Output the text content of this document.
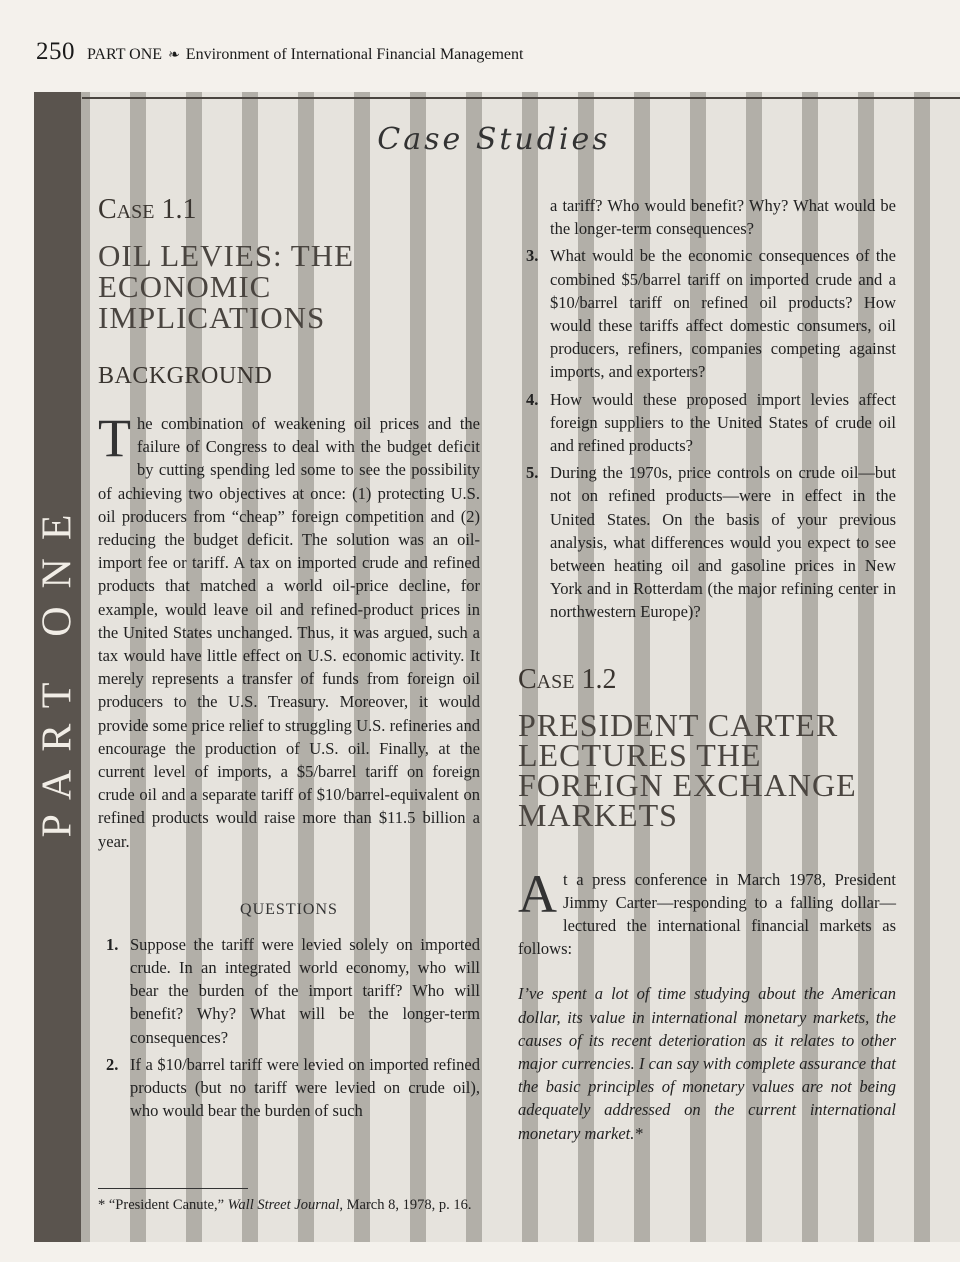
250 PART ONE ❧ Environment of International Financial Management
PART ONE
Case Studies
Case 1.1
OIL LEVIES: THE
ECONOMIC
IMPLICATIONS
BACKGROUND

The combination of weakening oil prices and the failure of Congress to deal with the budget deficit by cutting spending led some to see the possibility of achieving two objectives at once: (1) protecting U.S. oil producers from “cheap” foreign competition and (2) reducing the budget deficit. The solution was an oil-import fee or tariff. A tax on imported crude and refined products that matched a world oil-price decline, for example, would leave oil and refined-product prices in the United States unchanged. Thus, it was argued, such a tax would have little effect on U.S. economic activity. It merely represents a transfer of funds from foreign oil producers to the U.S. Treasury. Moreover, it would provide some price relief to struggling U.S. refineries and encourage the production of U.S. oil. Finally, at the current level of imports, a $5/barrel tariff on foreign crude oil and a separate tariff of $10/barrel-equivalent on refined products would raise more than $11.5 billion a year.

QUESTIONS
1. Suppose the tariff were levied solely on imported crude. In an integrated world economy, who will bear the burden of the import tariff? Who will benefit? Why? What will be the longer-term consequences?
2. If a $10/barrel tariff were levied on imported refined products (but no tariff were levied on crude oil), who would bear the burden of such
a tariff? Who would benefit? Why? What would be the longer-term consequences?
3. What would be the economic consequences of the combined $5/barrel tariff on imported crude and a $10/barrel tariff on refined oil products? How would these tariffs affect domestic consumers, oil producers, refiners, companies competing against imports, and exporters?
4. How would these proposed import levies affect foreign suppliers to the United States of crude oil and refined products?
5. During the 1970s, price controls on crude oil—but not on refined products—were in effect in the United States. On the basis of your previous analysis, what differences would you expect to see between heating oil and gasoline prices in New York and in Rotterdam (the major refining center in northwestern Europe)?
Case 1.2
PRESIDENT CARTER
LECTURES THE
FOREIGN EXCHANGE
MARKETS

At a press conference in March 1978, President Jimmy Carter—responding to a falling dollar—lectured the international financial markets as follows:

I’ve spent a lot of time studying about the American dollar, its value in international monetary markets, the causes of its recent deterioration as it relates to other major currencies. I can say with complete assurance that the basic principles of monetary values are not being adequately addressed on the current international monetary market.*

* “President Canute,” Wall Street Journal, March 8, 1978, p. 16.
